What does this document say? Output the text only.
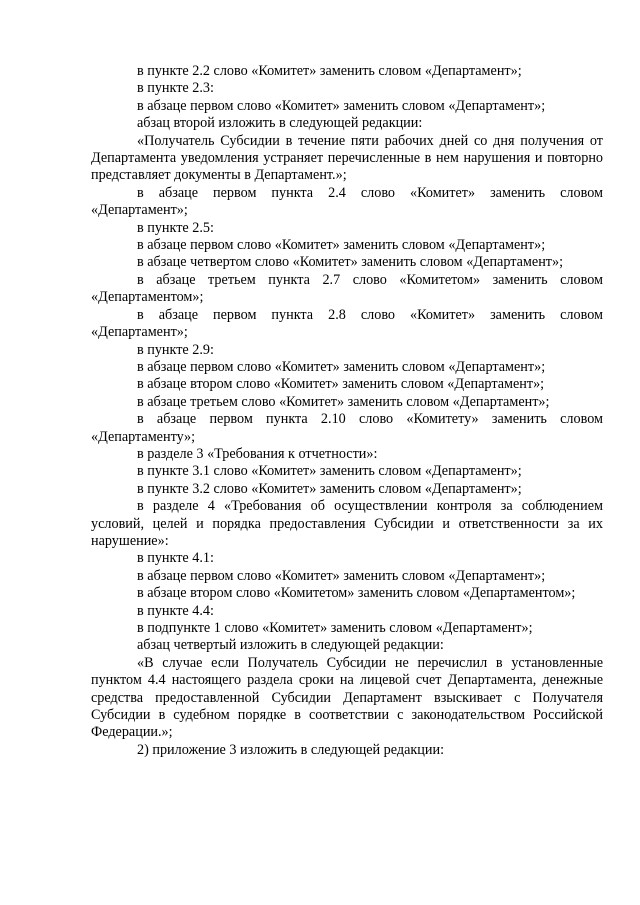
в пункте 2.2 слово «Комитет» заменить словом «Департамент»;

в пункте 2.3:

в абзаце первом слово «Комитет» заменить словом «Департамент»;

абзац второй изложить в следующей редакции:

«Получатель Субсидии в течение пяти рабочих дней со дня получения от Департамента уведомления устраняет перечисленные в нем нарушения и повторно представляет документы в Департамент.»;

в абзаце первом пункта 2.4 слово «Комитет» заменить словом «Департамент»;

в пункте 2.5:

в абзаце первом слово «Комитет» заменить словом «Департамент»;

в абзаце четвертом слово «Комитет» заменить словом «Департамент»;

в абзаце третьем пункта 2.7 слово «Комитетом» заменить словом «Департаментом»;

в абзаце первом пункта 2.8 слово «Комитет» заменить словом «Департамент»;

в пункте 2.9:

в абзаце первом слово «Комитет» заменить словом «Департамент»;

в абзаце втором слово «Комитет» заменить словом «Департамент»;

в абзаце третьем слово «Комитет» заменить словом «Департамент»;

в абзаце первом пункта 2.10 слово «Комитету» заменить словом «Департаменту»;

в разделе 3 «Требования к отчетности»:

в пункте 3.1 слово «Комитет» заменить словом «Департамент»;

в пункте 3.2 слово «Комитет» заменить словом «Департамент»;

в разделе 4 «Требования об осуществлении контроля за соблюдением условий, целей и порядка предоставления Субсидии и ответственности за их нарушение»:

в пункте 4.1:

в абзаце первом слово «Комитет» заменить словом «Департамент»;

в абзаце втором слово «Комитетом» заменить словом «Департаментом»;

в пункте 4.4:

в подпункте 1 слово «Комитет» заменить словом «Департамент»;

абзац четвертый изложить в следующей редакции:

«В случае если Получатель Субсидии не перечислил в установленные пунктом 4.4 настоящего раздела сроки на лицевой счет Департамента, денежные средства предоставленной Субсидии Департамент взыскивает с Получателя Субсидии в судебном порядке в соответствии с законодательством Российской Федерации.»;

2) приложение 3 изложить в следующей редакции:
